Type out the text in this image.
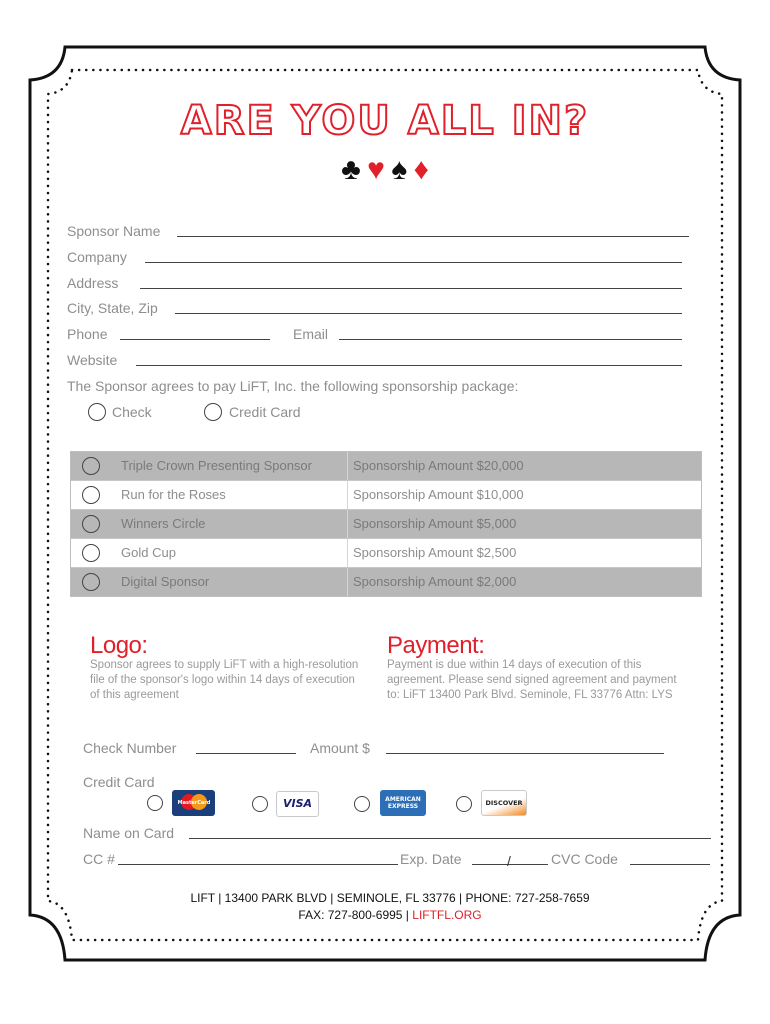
ARE YOU ALL IN?
♣ ♥ ♠ ♦
Sponsor Name
Company
Address
City, State, Zip
Phone	Email
Website
The Sponsor agrees to pay LiFT, Inc. the following sponsorship package:
Check	Credit Card
Triple Crown Presenting Sponsor	Sponsorship Amount $20,000
Run for the Roses	Sponsorship Amount $10,000
Winners Circle	Sponsorship Amount $5,000
Gold Cup	Sponsorship Amount $2,500
Digital Sponsor	Sponsorship Amount $2,000
Logo:
Sponsor agrees to supply LiFT with a high-resolution file of the sponsor's logo within 14 days of execution of this agreement
Payment:
Payment is due within 14 days of execution of this agreement. Please send signed agreement and payment to: LiFT 13400 Park Blvd. Seminole, FL 33776 Attn: LYS
Check Number	Amount $
Credit Card
MasterCard	VISA	AMERICAN EXPRESS	DISCOVER
Name on Card
CC #	Exp. Date	/	CVC Code
LIFT | 13400 PARK BLVD | SEMINOLE, FL 33776 | PHONE: 727-258-7659
FAX: 727-800-6995 | LIFTFL.ORG
